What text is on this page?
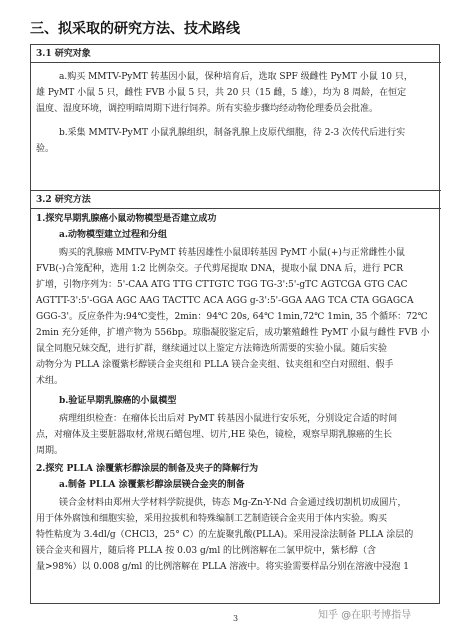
三、拟采取的研究方法、技术路线
3.1 研究对象
a.购买 MMTV-PyMT 转基因小鼠，保种培育后，选取 SPF 级雌性 PyMT 小鼠 10 只，
雄 PyMT 小鼠 5 只，雌性 FVB 小鼠 5 只，共 20 只（15 雌，5 雄），均为 8 周龄，在恒定
温度、湿度环境，调控明暗周期下进行饲养。所有实验步骤均经动物伦理委员会批准。
b.采集 MMTV-PyMT 小鼠乳腺组织，制备乳腺上皮原代细胞，待 2-3 次传代后进行实
验。
3.2 研究方法
1.探究早期乳腺癌小鼠动物模型是否建立成功
a.动物模型建立过程和分组
购买的乳腺癌 MMTV-PyMT 转基因雄性小鼠即转基因 PyMT 小鼠(+)与正常雌性小鼠
FVB(-)合笼配种，选用 1:2 比例杂交。子代剪尾提取 DNA，提取小鼠 DNA 后，进行 PCR
扩增，引物序列为：5'-CAA ATG TTG CTTGTC TGG TG-3':5'-gTC AGTCGA GTG CAC
AGTTT-3':5'-GGA AGC AAG TACTTC ACA AGG g-3':5'-GGA AAG TCA CTA GGAGCA
GGG-3'。反应条件为:94℃变性，2min：94℃ 20s, 64℃ 1min,72℃ 1min, 35 个循环：72℃
2min 充分延伸，扩增产物为 556bp。琼脂凝胶鉴定后，成功繁殖雌性 PyMT 小鼠与雌性 FVB 小
鼠全同胞兄妹交配，进行扩群，继续通过以上鉴定方法筛选所需要的实验小鼠。随后实验
动物分为 PLLA 涂覆紫杉醇镁合金夹组和 PLLA 镁合金夹组、钛夹组和空白对照组、假手
术组。
b.验证早期乳腺癌的小鼠模型
病理组织检查：在瘤体长出后对 PyMT 转基因小鼠进行安乐死，分别设定合适的时间
点，对瘤体及主要脏器取材,常规石蜡包埋、切片,HE 染色，镜检，观察早期乳腺癌的生长
周期。
2.探究 PLLA 涂覆紫杉醇涂层的制备及夹子的降解行为
a.制备 PLLA 涂覆紫杉醇涂层镁合金夹的制备
镁合金材料由郑州大学材料学院提供，铸态 Mg-Zn-Y-Nd 合金通过线切割机切成圆片，
用于体外腐蚀和细胞实验，采用拉拔机和特殊编制工艺制造镁合金夹用于体内实验。购买
特性粘度为 3.4dl/g（CHCl3，25° C）的左旋聚乳酸(PLLA)。采用浸涂法制备 PLLA 涂层的
镁合金夹和圆片，随后将 PLLA 按 0.03 g/ml 的比例溶解在二氯甲烷中，紫杉醇（含
量>98%）以 0.008 g/ml 的比例溶解在 PLLA 溶液中。将实验需要样品分别在溶液中浸泡 1
3	知乎 @在职考博指导
